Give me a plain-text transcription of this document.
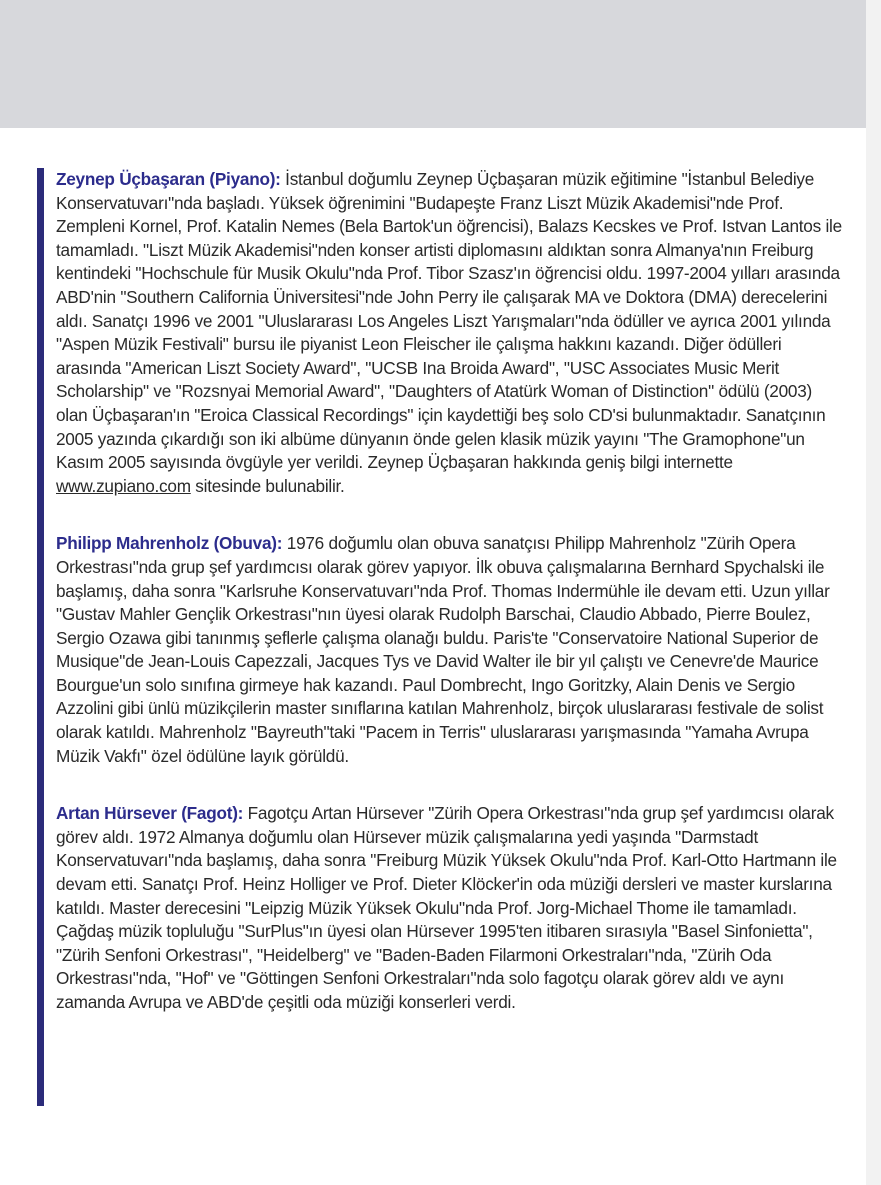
Zeynep Üçbaşaran (Piyano): İstanbul doğumlu Zeynep Üçbaşaran müzik eğitimine "İstanbul Belediye Konservatuvarı"nda başladı. Yüksek öğrenimini "Budapeşte Franz Liszt Müzik Akademisi"nde Prof. Zempleni Kornel, Prof. Katalin Nemes (Bela Bartok'un öğrencisi), Balazs Kecskes ve Prof. Istvan Lantos ile tamamladı. "Liszt Müzik Akademisi"nden konser artisti diplomasını aldıktan sonra Almanya'nın Freiburg kentindeki "Hochschule für Musik Okulu"nda Prof. Tibor Szasz'ın öğrencisi oldu. 1997-2004 yılları arasında ABD'nin "Southern California Üniversitesi"nde John Perry ile çalışarak MA ve Doktora (DMA) derecelerini aldı. Sanatçı 1996 ve 2001 "Uluslararası Los Angeles Liszt Yarışmaları"nda ödüller ve ayrıca 2001 yılında "Aspen Müzik Festivali" bursu ile piyanist Leon Fleischer ile çalışma hakkını kazandı. Diğer ödülleri arasında "American Liszt Society Award", "UCSB Ina Broida Award", "USC Associates Music Merit Scholarship" ve "Rozsnyai Memorial Award", "Daughters of Atatürk Woman of Distinction" ödülü (2003) olan Üçbaşaran'ın "Eroica Classical Recordings" için kaydettiği beş solo CD'si bulunmaktadır. Sanatçının 2005 yazında çıkardığı son iki albüme dünyanın önde gelen klasik müzik yayını "The Gramophone"un Kasım 2005 sayısında övgüyle yer verildi. Zeynep Üçbaşaran hakkında geniş bilgi internette www.zupiano.com sitesinde bulunabilir.

Philipp Mahrenholz (Obuva): 1976 doğumlu olan obuva sanatçısı Philipp Mahrenholz "Zürih Opera Orkestrası"nda grup şef yardımcısı olarak görev yapıyor. İlk obuva çalışmalarına Bernhard Spychalski ile başlamış, daha sonra "Karlsruhe Konservatuvarı"nda Prof. Thomas Indermühle ile devam etti. Uzun yıllar "Gustav Mahler Gençlik Orkestrası"nın üyesi olarak Rudolph Barschai, Claudio Abbado, Pierre Boulez, Sergio Ozawa gibi tanınmış şeflerle çalışma olanağı buldu. Paris'te "Conservatoire National Superior de Musique"de Jean-Louis Capezzali, Jacques Tys ve David Walter ile bir yıl çalıştı ve Cenevre'de Maurice Bourgue'un solo sınıfına girmeye hak kazandı. Paul Dombrecht, Ingo Goritzky, Alain Denis ve Sergio Azzolini gibi ünlü müzikçilerin master sınıflarına katılan Mahrenholz, birçok uluslararası festivale de solist olarak katıldı. Mahrenholz "Bayreuth"taki "Pacem in Terris" uluslararası yarışmasında "Yamaha Avrupa Müzik Vakfı" özel ödülüne layık görüldü.

Artan Hürsever (Fagot): Fagotçu Artan Hürsever "Zürih Opera Orkestrası"nda grup şef yardımcısı olarak görev aldı. 1972 Almanya doğumlu olan Hürsever müzik çalışmalarına yedi yaşında "Darmstadt Konservatuvarı"nda başlamış, daha sonra "Freiburg Müzik Yüksek Okulu"nda Prof. Karl-Otto Hartmann ile devam etti. Sanatçı Prof. Heinz Holliger ve Prof. Dieter Klöcker'in oda müziği dersleri ve master kurslarına katıldı. Master derecesini "Leipzig Müzik Yüksek Okulu"nda Prof. Jorg-Michael Thome ile tamamladı. Çağdaş müzik topluluğu "SurPlus"ın üyesi olan Hürsever 1995'ten itibaren sırasıyla "Basel Sinfonietta", "Zürih Senfoni Orkestrası", "Heidelberg" ve "Baden-Baden Filarmoni Orkestraları"nda, "Zürih Oda Orkestrası"nda, "Hof" ve "Göttingen Senfoni Orkestraları"nda solo fagotçu olarak görev aldı ve aynı zamanda Avrupa ve ABD'de çeşitli oda müziği konserleri verdi.
